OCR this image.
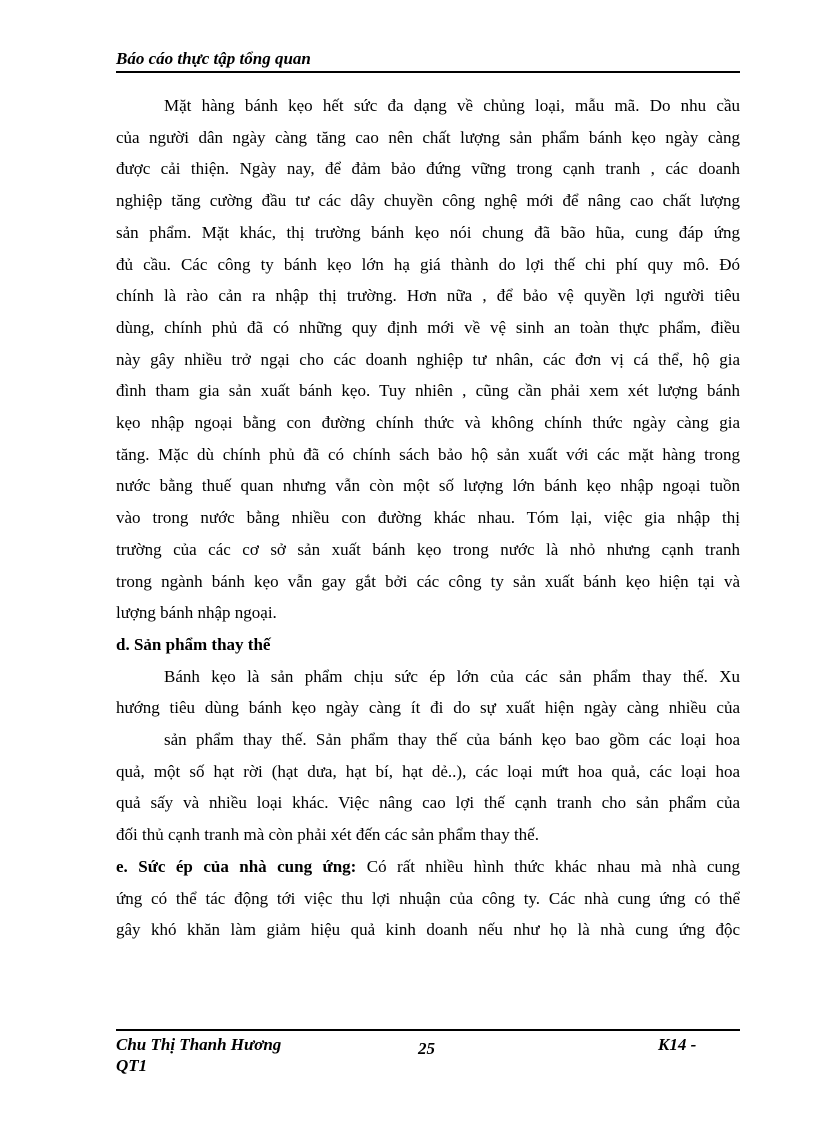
Báo cáo thực tập tổng quan
Mặt hàng bánh kẹo hết sức đa dạng về chủng loại, mẫu mã. Do nhu cầu
của người dân ngày càng tăng cao nên chất lượng sản phẩm bánh kẹo ngày càng
được cải thiện. Ngày nay, để đảm bảo đứng vững trong cạnh tranh , các doanh
nghiệp tăng cường đầu tư các dây chuyền công nghệ mới để nâng cao chất lượng
sản phẩm. Mặt khác, thị trường bánh kẹo nói chung đã bão hũa, cung đáp ứng
đủ cầu. Các công ty bánh kẹo lớn hạ giá thành do lợi thế chi phí quy mô. Đó
chính là rào cản ra nhập thị trường. Hơn nữa , để bảo vệ quyền lợi người tiêu
dùng, chính phủ đã có những quy định mới về vệ sinh an toàn thực phẩm, điều
này gây nhiều trở ngại cho các doanh nghiệp tư nhân, các đơn vị cá thể, hộ gia
đình tham gia sản xuất bánh kẹo. Tuy nhiên , cũng cần phải xem xét lượng bánh
kẹo nhập ngoại bằng con đường chính thức và không chính thức ngày càng gia
tăng. Mặc dù chính phủ đã có chính sách bảo hộ sản xuất với các mặt hàng trong
nước bằng thuế quan nhưng vẫn còn một số lượng lớn bánh kẹo nhập ngoại tuồn
vào trong nước bằng nhiều con đường khác nhau. Tóm lại, việc gia nhập thị
trường của các cơ sở sản xuất bánh kẹo trong nước là nhỏ nhưng cạnh tranh
trong ngành bánh kẹo vẫn gay gắt bởi các công ty sản xuất bánh kẹo hiện tại và
lượng bánh nhập ngoại.
d. Sản phẩm thay thế
Bánh kẹo là sản phẩm chịu sức ép lớn của các sản phẩm thay thế. Xu
hướng tiêu dùng bánh kẹo ngày càng ít đi do sự xuất hiện ngày càng nhiều của
sản phẩm thay thế. Sản phẩm thay thế của bánh kẹo bao gồm các loại hoa
quả, một số hạt rời (hạt dưa, hạt bí, hạt dẻ..), các loại mứt hoa quả, các loại hoa
quả sấy và nhiều loại khác. Việc nâng cao lợi thế cạnh tranh cho sản phẩm của
đối thủ cạnh tranh mà còn phải xét đến các sản phẩm thay thế.
e. Sức ép của nhà cung ứng: Có rất nhiều hình thức khác nhau mà nhà cung
ứng có thể tác động tới việc thu lợi nhuận của công ty. Các nhà cung ứng có thể
gây khó khăn làm giảm hiệu quả kinh doanh nếu như họ là nhà cung ứng độc
Chu Thị Thanh Hương
QT1
25	K14 -
